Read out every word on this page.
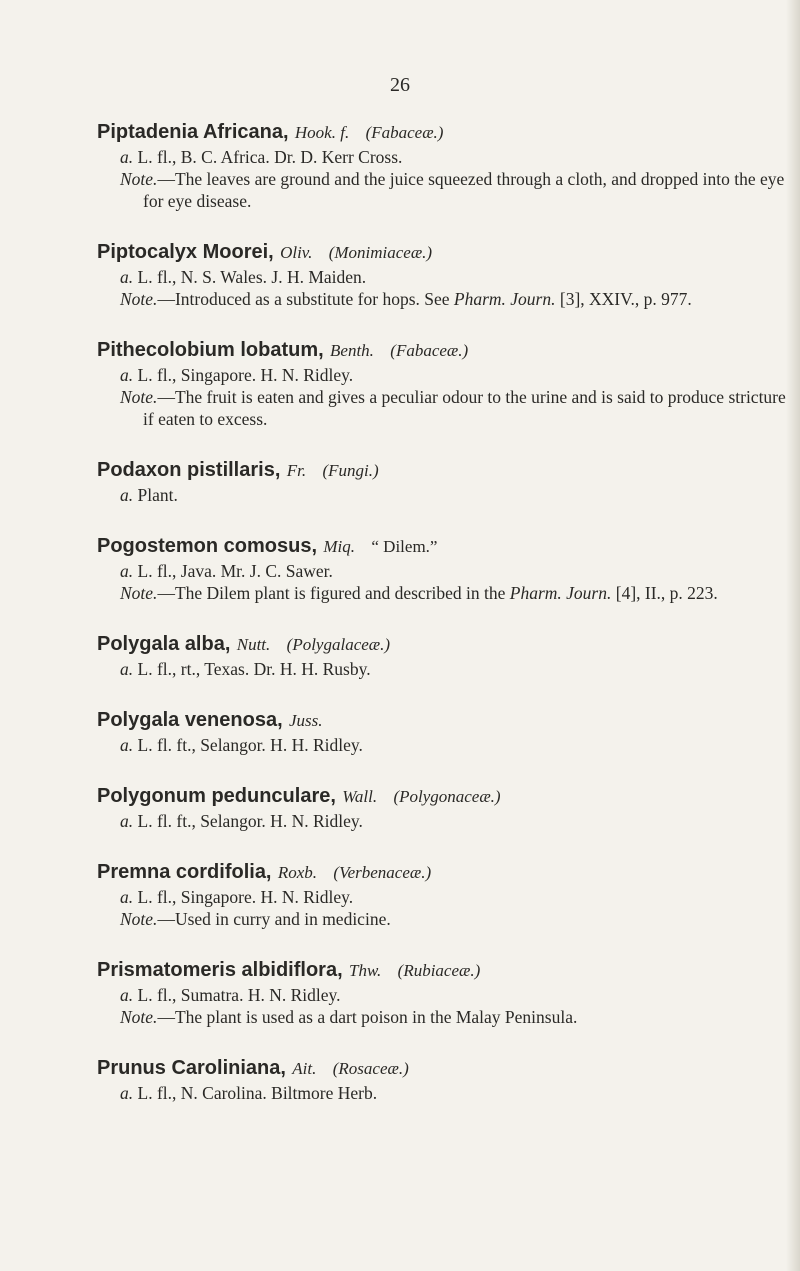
26
Piptadenia Africana, Hook. f. (Fabaceæ.)
a. L. fl., B. C. Africa. Dr. D. Kerr Cross.
Note.—The leaves are ground and the juice squeezed through a cloth, and dropped into the eye for eye disease.
Piptocalyx Moorei, Oliv. (Monimiaceæ.)
a. L. fl., N. S. Wales. J. H. Maiden.
Note.—Introduced as a substitute for hops. See Pharm. Journ. [3], XXIV., p. 977.
Pithecolobium lobatum, Benth. (Fabaceæ.)
a. L. fl., Singapore. H. N. Ridley.
Note.—The fruit is eaten and gives a peculiar odour to the urine and is said to produce stricture if eaten to excess.
Podaxon pistillaris, Fr. (Fungi.)
a. Plant.
Pogostemon comosus, Miq. “ Dilem.”
a. L. fl., Java. Mr. J. C. Sawer.
Note.—The Dilem plant is figured and described in the Pharm. Journ. [4], II., p. 223.
Polygala alba, Nutt. (Polygalaceæ.)
a. L. fl., rt., Texas. Dr. H. H. Rusby.
Polygala venenosa, Juss.
a. L. fl. ft., Selangor. H. H. Ridley.
Polygonum pedunculare, Wall. (Polygonaceæ.)
a. L. fl. ft., Selangor. H. N. Ridley.
Premna cordifolia, Roxb. (Verbenaceæ.)
a. L. fl., Singapore. H. N. Ridley.
Note.—Used in curry and in medicine.
Prismatomeris albidiflora, Thw. (Rubiaceæ.)
a. L. fl., Sumatra. H. N. Ridley.
Note.—The plant is used as a dart poison in the Malay Peninsula.
Prunus Caroliniana, Ait. (Rosaceæ.)
a. L. fl., N. Carolina. Biltmore Herb.
